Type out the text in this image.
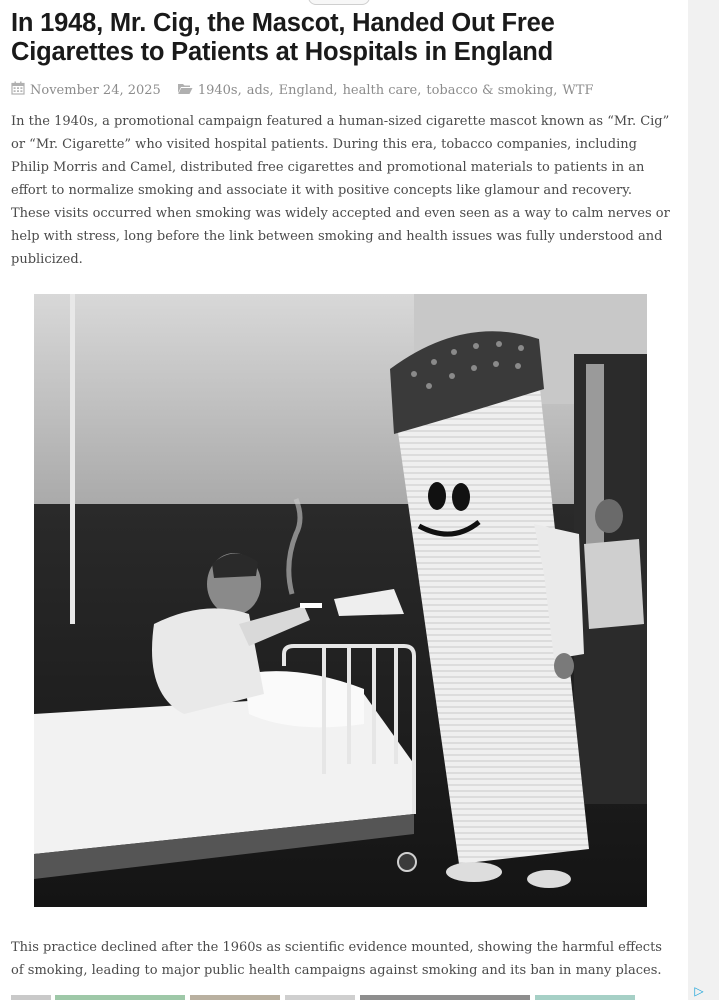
In 1948, Mr. Cig, the Mascot, Handed Out Free Cigarettes to Patients at Hospitals in England
November 24, 2025	1940s , ads , England , health care , tobacco & smoking , WTF

In the 1940s, a promotional campaign featured a human-sized cigarette mascot known as “Mr. Cig” or “Mr. Cigarette” who visited hospital patients. During this era, tobacco companies, including Philip Morris and Camel, distributed free cigarettes and promotional materials to patients in an effort to normalize smoking and associate it with positive concepts like glamour and recovery. These visits occurred when smoking was widely accepted and even seen as a way to calm nerves or help with stress, long before the link between smoking and health issues was fully understood and publicized.

This practice declined after the 1960s as scientific evidence mounted, showing the harmful effects of smoking, leading to major public health campaigns against smoking and its ban in many places.

▷
